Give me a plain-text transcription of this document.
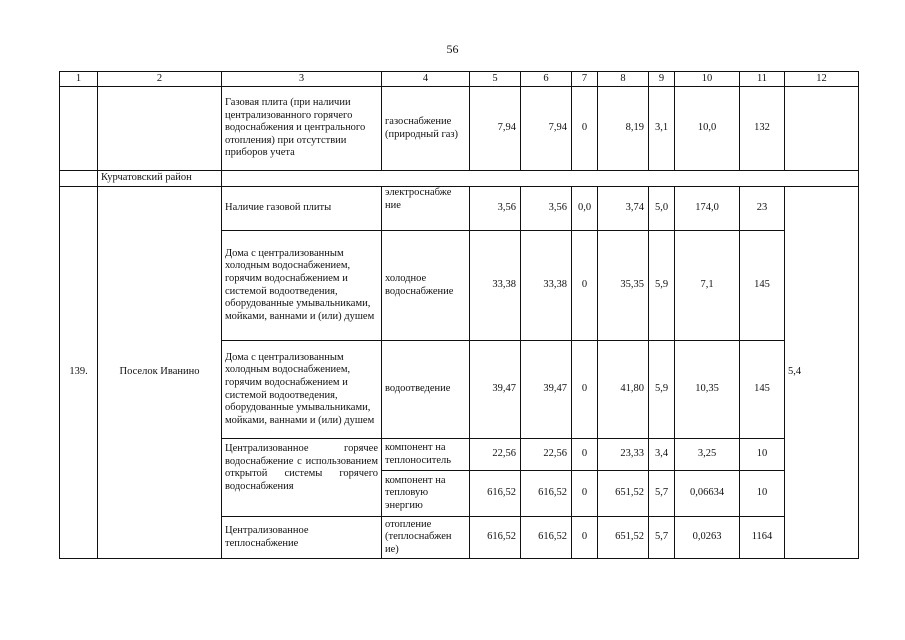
56
1	2	3	4	5	6	7	8	9	10	11	12
		Газовая плита (при наличии централизованного горячего водоснабжения и центрального отопления) при отсутствии приборов учета	газоснабжение (природный газ)	7,94	7,94	0	8,19	3,1	10,0	132	
	Курчатовский район										
139.	Поселок Иванино	Наличие газовой плиты	электроснабже ние	3,56	3,56	0,0	3,74	5,0	174,0	23	5,4
		Дома с централизованным холодным водоснабжением, горячим водоснабжением и системой водоотведения, оборудованные умывальниками, мойками, ваннами и (или) душем	холодное водоснабжение	33,38	33,38	0	35,35	5,9	7,1	145	
		Дома с централизованным холодным водоснабжением, горячим водоснабжением и системой водоотведения, оборудованные умывальниками, мойками, ваннами и (или) душем	водоотведение	39,47	39,47	0	41,80	5,9	10,35	145	
		Централизованное горячее водоснабжение с использованием открытой системы горячего водоснабжения	компонент на теплоноситель	22,56	22,56	0	23,33	3,4	3,25	10	
			компонент на тепловую энергию	616,52	616,52	0	651,52	5,7	0,06634	10	
		Централизованное теплоснабжение	отопление (теплоснабжен ие)	616,52	616,52	0	651,52	5,7	0,0263	1164	
